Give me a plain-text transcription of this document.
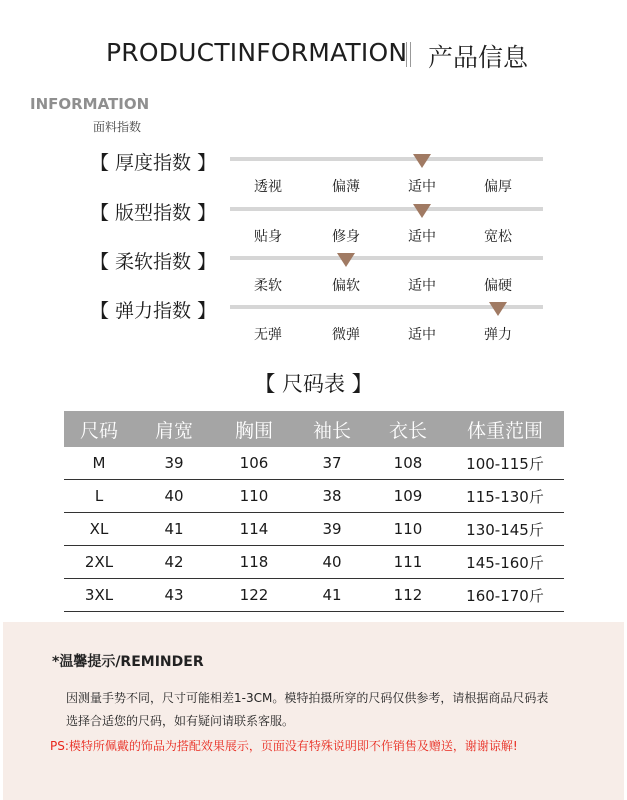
PRODUCTINFORMATION 产品信息
INFORMATION
面料指数
【 厚度指数 】
透视	偏薄	适中	偏厚
【 版型指数 】
贴身	修身	适中	宽松
【 柔软指数 】
柔软	偏软	适中	偏硬
【 弹力指数 】
无弹	微弹	适中	弹力
【 尺码表 】
尺码	肩宽	胸围	袖长	衣长	体重范围
M	39	106	37	108	100-115斤
L	40	110	38	109	115-130斤
XL	41	114	39	110	130-145斤
2XL	42	118	40	111	145-160斤
3XL	43	122	41	112	160-170斤
*温馨提示/REMINDER
因测量手势不同，尺寸可能相差1-3CM。模特拍摄所穿的尺码仅供参考，请根据商品尺码表
选择合适您的尺码，如有疑问请联系客服。
PS:模特所佩戴的饰品为搭配效果展示，页面没有特殊说明即不作销售及赠送，谢谢谅解!
